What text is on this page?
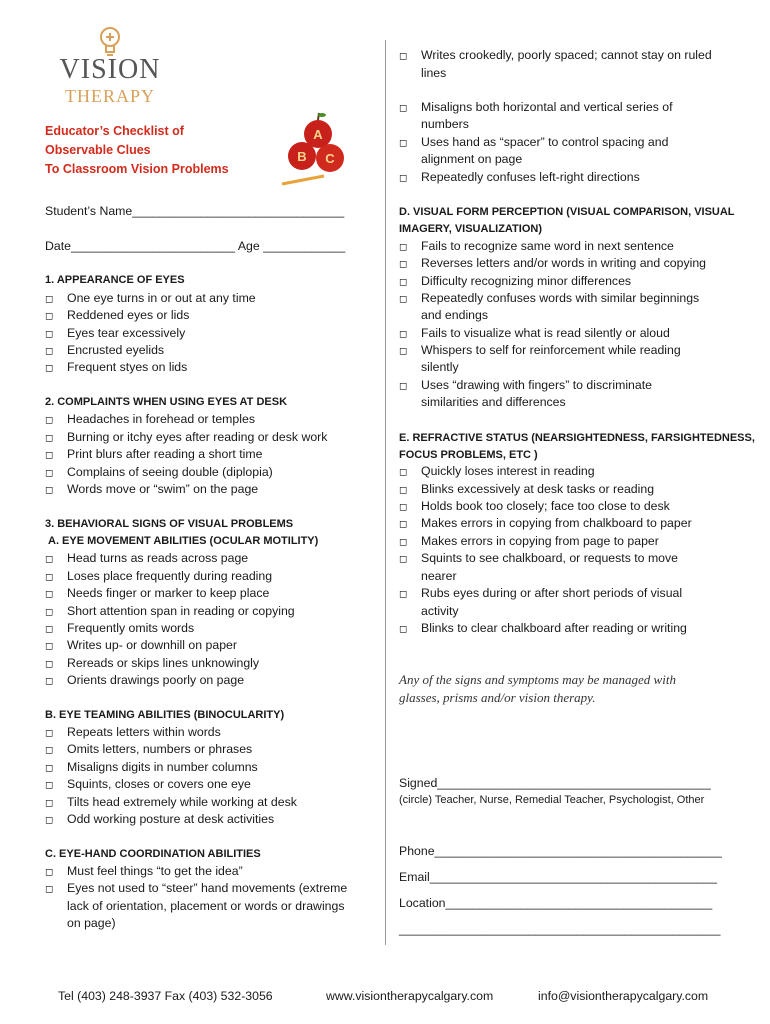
VISION
THERAPY
Educator’s Checklist of
Observable Clues
To Classroom Vision Problems
A
B C
Student’s Name_______________________________
Date________________________ Age ____________
1. APPEARANCE OF EYES
◻ One eye turns in or out at any time
◻ Reddened eyes or lids
◻ Eyes tear excessively
◻ Encrusted eyelids
◻ Frequent styes on lids
2. COMPLAINTS WHEN USING EYES AT DESK
◻ Headaches in forehead or temples
◻ Burning or itchy eyes after reading or desk work
◻ Print blurs after reading a short time
◻ Complains of seeing double (diplopia)
◻ Words move or “swim” on the page
3. BEHAVIORAL SIGNS OF VISUAL PROBLEMS
A. EYE MOVEMENT ABILITIES (OCULAR MOTILITY)
◻ Head turns as reads across page
◻ Loses place frequently during reading
◻ Needs finger or marker to keep place
◻ Short attention span in reading or copying
◻ Frequently omits words
◻ Writes up- or downhill on paper
◻ Rereads or skips lines unknowingly
◻ Orients drawings poorly on page
B. EYE TEAMING ABILITIES (BINOCULARITY)
◻ Repeats letters within words
◻ Omits letters, numbers or phrases
◻ Misaligns digits in number columns
◻ Squints, closes or covers one eye
◻ Tilts head extremely while working at desk
◻ Odd working posture at desk activities
C. EYE-HAND COORDINATION ABILITIES
◻ Must feel things “to get the idea”
◻ Eyes not used to “steer” hand movements (extreme
lack of orientation, placement or words or drawings
on page)
◻ Writes crookedly, poorly spaced; cannot stay on ruled
lines
◻ Misaligns both horizontal and vertical series of
numbers
◻ Uses hand as “spacer” to control spacing and
alignment on page
◻ Repeatedly confuses left-right directions
D. VISUAL FORM PERCEPTION (VISUAL COMPARISON, VISUAL
IMAGERY, VISUALIZATION)
◻ Fails to recognize same word in next sentence
◻ Reverses letters and/or words in writing and copying
◻ Difficulty recognizing minor differences
◻ Repeatedly confuses words with similar beginnings
and endings
◻ Fails to visualize what is read silently or aloud
◻ Whispers to self for reinforcement while reading
silently
◻ Uses “drawing with fingers” to discriminate
similarities and differences
E. REFRACTIVE STATUS (NEARSIGHTEDNESS, FARSIGHTEDNESS,
FOCUS PROBLEMS, ETC )
◻ Quickly loses interest in reading
◻ Blinks excessively at desk tasks or reading
◻ Holds book too closely; face too close to desk
◻ Makes errors in copying from chalkboard to paper
◻ Makes errors in copying from page to paper
◻ Squints to see chalkboard, or requests to move
nearer
◻ Rubs eyes during or after short periods of visual
activity
◻ Blinks to clear chalkboard after reading or writing
Any of the signs and symptoms may be managed with glasses, prisms and/or vision therapy.
Signed________________________________________
(circle) Teacher, Nurse, Remedial Teacher, Psychologist, Other
Phone__________________________________________
Email__________________________________________
Location_______________________________________
_______________________________________________
Tel (403) 248-3937 Fax (403) 532-3056	www.visiontherapycalgary.com	info@visiontherapycalgary.com
